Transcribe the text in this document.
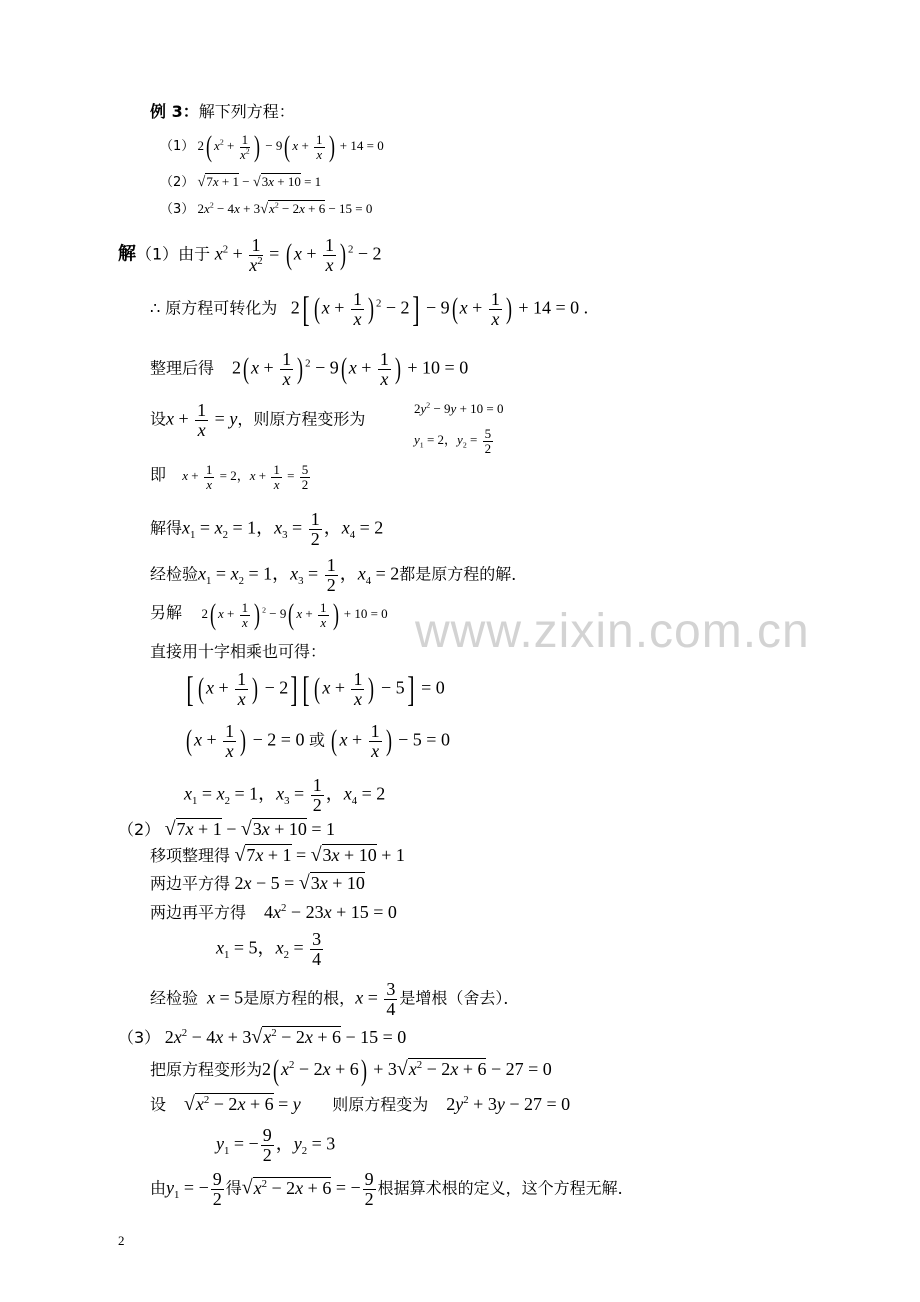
www.zixin.com.cn
例 3：解下列方程：
（1） 2( $x^2 + \frac{1}{x^2}$ ) − 9( $x + \frac{1}{x}$ ) + 14 = 0
（2） √7x + 1 − √3x + 10 = 1
（3） $2x^2 - 4x + 3√x^2 - 2x + 6 - 15 = 0$
解（1）由于 $x^2 + \frac{1}{x^2}$ = ( $x + \frac{1}{x}$ ) $^2$ − 2
∴ 原方程可转化为   2[ ( $x + \frac{1}{x}$ ) $^2$ − 2] − 9( $x + \frac{1}{x}$ ) + 14 = 0 .
整理后得    2( $x + \frac{1}{x}$ ) $^2$ − 9( $x + \frac{1}{x}$ ) + 10 = 0
设$x + \frac{1}{x} = y$，则原方程变形为
$2y^2 - 9y + 10 = 0$
$y_1 = 2$，$y_2 = \frac{5}{2}$
即 $x + \frac{1}{x} = 2$，$x + \frac{1}{x} = \frac{5}{2}$
解得$x_1 = x_2 = 1$，$x_3 = \frac{1}{2}$ ，$x_4 = 2$
经检验$x_1 = x_2 = 1$，$x_3 = \frac{1}{2}$ ，$x_4 = 2$都是原方程的解．
另解      2( $x + \frac{1}{x}$ ) $^2$ − 9( $x + \frac{1}{x}$ ) + 10 = 0
直接用十字相乘也可得：
[ ( $x + \frac{1}{x}$ ) − 2] [ ( $x + \frac{1}{x}$ ) − 5] = 0
( $x + \frac{1}{x}$ ) − 2 = 0 或 ( $x + \frac{1}{x}$ ) − 5 = 0
$x_1 = x_2 = 1$，$x_3 = \frac{1}{2}$ ，$x_4 = 2$
（2） √7x + 1 − √3x + 10 = 1
移项整理得 √7x + 1 = √3x + 10 + 1
两边平方得 2x − 5 = √3x + 10
两边再平方得    $4x^2 - 23x + 15 = 0$
$x_1 = 5$，$x_2 = \frac{3}{4}$
经检验 x = 5是原方程的根，$x = \frac{3}{4}$ 是增根（舍去）．
（3） $2x^2 - 4x + 3√x^2 - 2x + 6 - 15 = 0$
把原方程变形为2( $x^2 - 2x + 6) + 3√x^2 - 2x + 6 - 27 = 0$
设 $√x^2 - 2x + 6 = y$ 则原方程变为    $2y^2 + 3y - 27 = 0$
$y_1$ = − $\frac{9}{2}$ ，$y_2 = 3$
由$y_1$ = − $\frac{9}{2}$ 得$√x^2 - 2x + 6$ = − $\frac{9}{2}$ 根据算术根的定义，这个方程无解．
2
